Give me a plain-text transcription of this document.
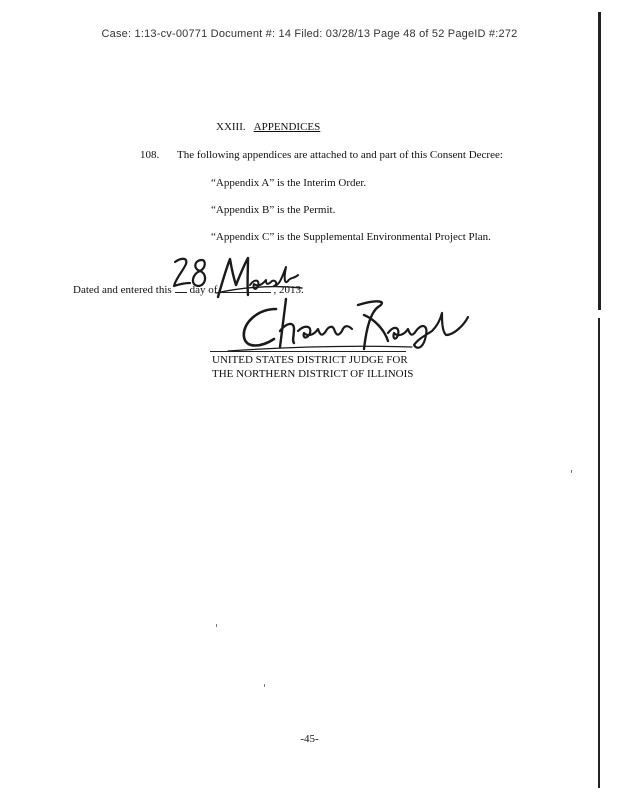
Case: 1:13-cv-00771 Document #: 14 Filed: 03/28/13 Page 48 of 52 PageID #:272
XXIII. APPENDICES
108. The following appendices are attached to and part of this Consent Decree:
“Appendix A” is the Interim Order.
“Appendix B” is the Permit.
“Appendix C” is the Supplemental Environmental Project Plan.
Dated and entered this day of	, 2013.
UNITED STATES DISTRICT JUDGE FOR
THE NORTHERN DISTRICT OF ILLINOIS
-45-
